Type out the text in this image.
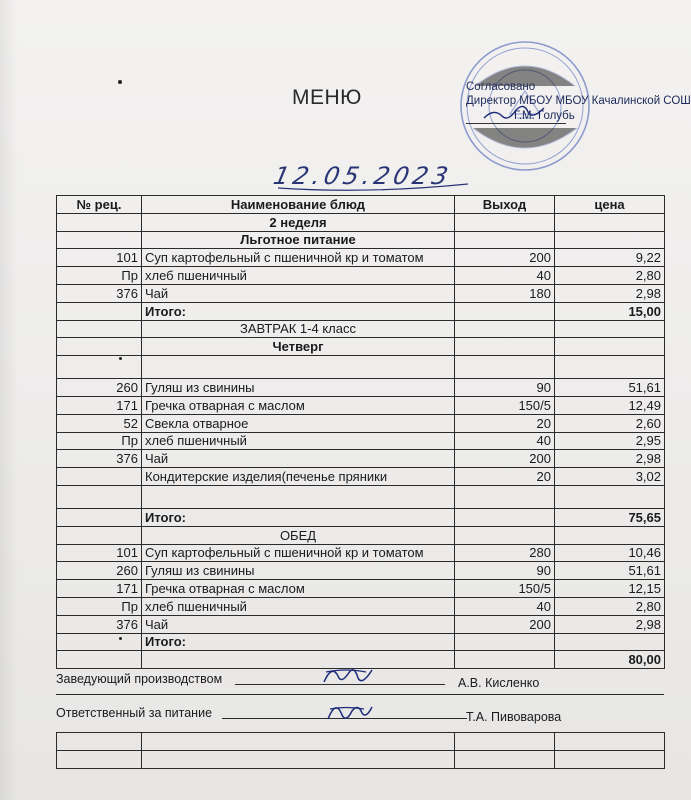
МЕНЮ	Согласовано
Директор МБОУ МБОУ Качалинской СОШ
Г.М. Голубь
12.05.2023
№ рец.	Наименование блюд	Выход	цена
	2 неделя		
	Льготное питание		
101	Суп картофельный с пшеничной кр и томатом	200	9,22
Пр	хлеб пшеничный	40	2,80
376	Чай	180	2,98
	Итого:		15,00
	ЗАВТРАК 1-4 класс		
	Четверг		

260	Гуляш из свинины	90	51,61
171	Гречка отварная с маслом	150/5	12,49
52	Свекла отварное	20	2,60
Пр	хлеб пшеничный	40	2,95
376	Чай	200	2,98
	Кондитерские изделия(печенье пряники	20	3,02

	Итого:		75,65
	ОБЕД		
101	Суп картофельный с пшеничной кр и томатом	280	10,46
260	Гуляш из свинины	90	51,61
171	Гречка отварная с маслом	150/5	12,15
Пр	хлеб пшеничный	40	2,80
376	Чай	200	2,98
	Итого:		
			80,00
Заведующий производством	А.В. Кисленко
Ответственный за питание	Т.А. Пивоварова
